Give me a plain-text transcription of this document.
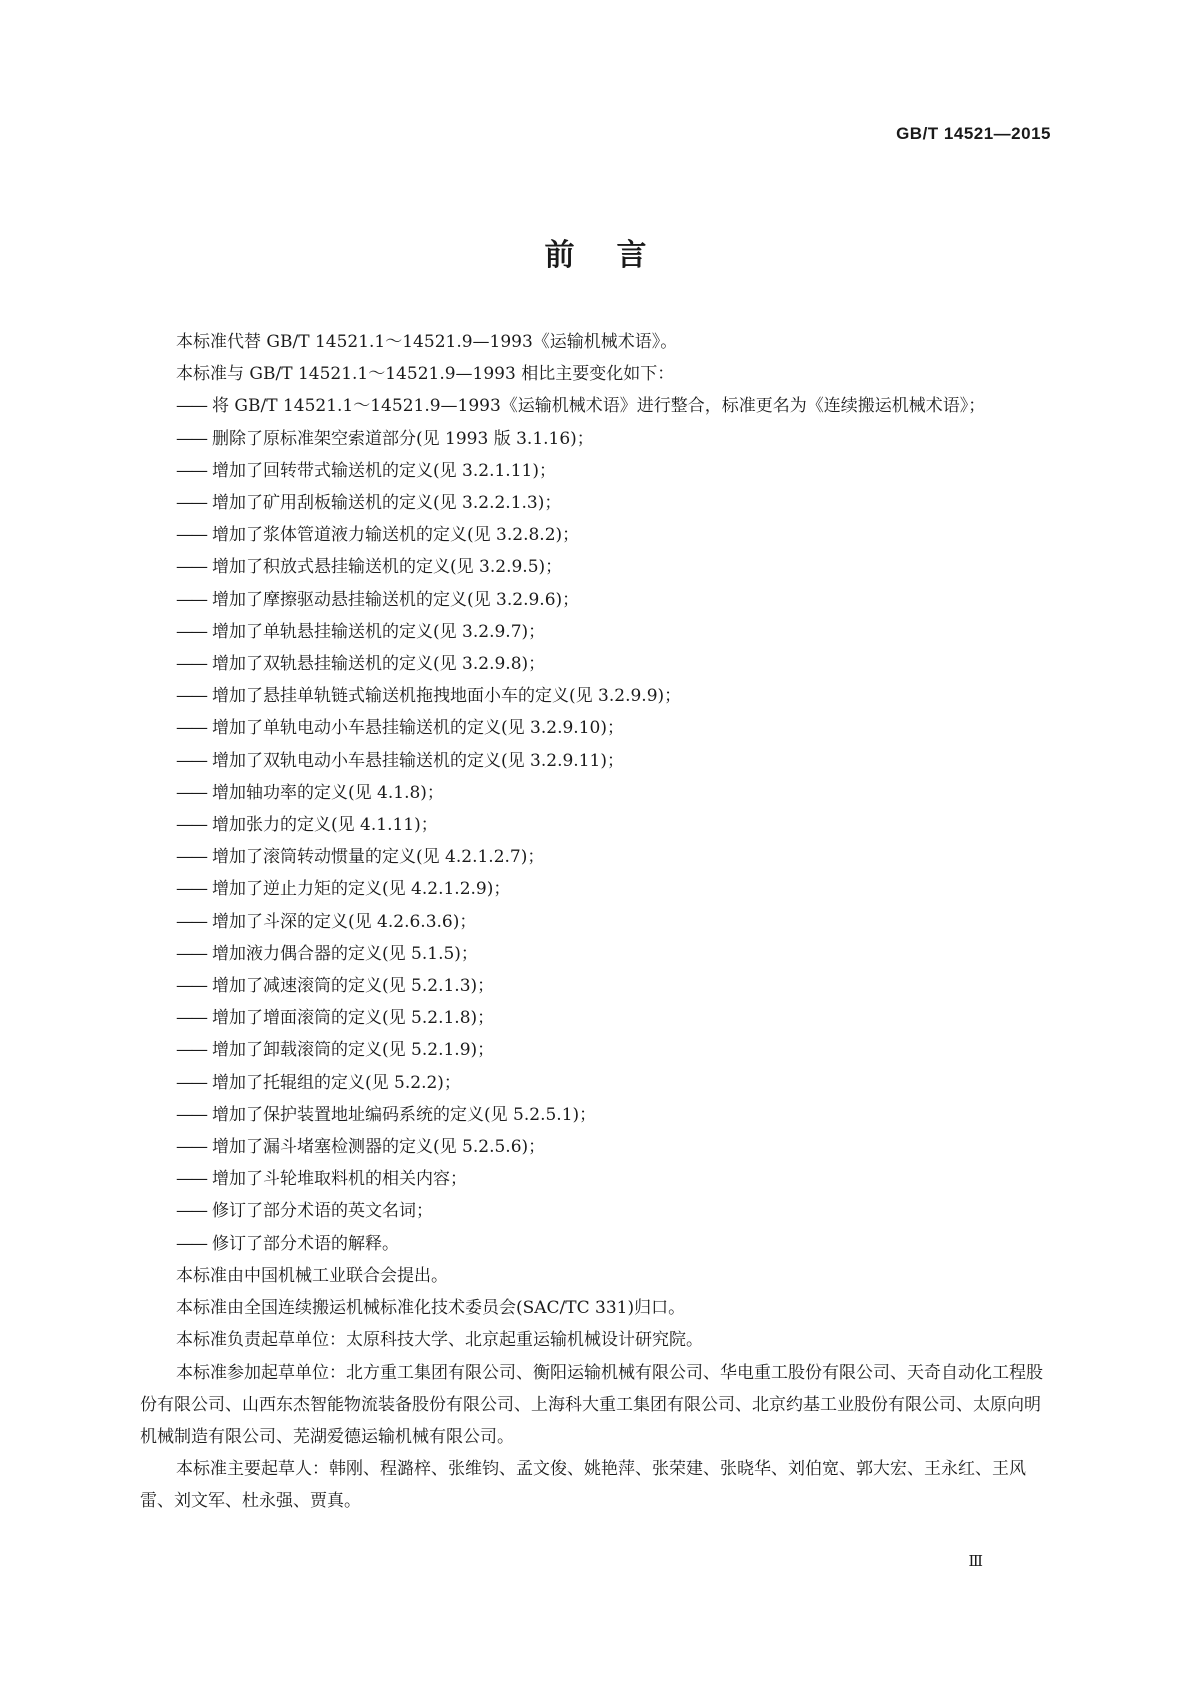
GB/T 14521—2015
前言

本标准代替 GB/T 14521.1～14521.9—1993《运输机械术语》。

本标准与 GB/T 14521.1～14521.9—1993 相比主要变化如下：

—— 将 GB/T 14521.1～14521.9—1993《运输机械术语》进行整合，标准更名为《连续搬运机械术语》；
—— 删除了原标准架空索道部分(见 1993 版 3.1.16)；
—— 增加了回转带式输送机的定义(见 3.2.1.11)；
—— 增加了矿用刮板输送机的定义(见 3.2.2.1.3)；
—— 增加了浆体管道液力输送机的定义(见 3.2.8.2)；
—— 增加了积放式悬挂输送机的定义(见 3.2.9.5)；
—— 增加了摩擦驱动悬挂输送机的定义(见 3.2.9.6)；
—— 增加了单轨悬挂输送机的定义(见 3.2.9.7)；
—— 增加了双轨悬挂输送机的定义(见 3.2.9.8)；
—— 增加了悬挂单轨链式输送机拖拽地面小车的定义(见 3.2.9.9)；
—— 增加了单轨电动小车悬挂输送机的定义(见 3.2.9.10)；
—— 增加了双轨电动小车悬挂输送机的定义(见 3.2.9.11)；
—— 增加轴功率的定义(见 4.1.8)；
—— 增加张力的定义(见 4.1.11)；
—— 增加了滚筒转动惯量的定义(见 4.2.1.2.7)；
—— 增加了逆止力矩的定义(见 4.2.1.2.9)；
—— 增加了斗深的定义(见 4.2.6.3.6)；
—— 增加液力偶合器的定义(见 5.1.5)；
—— 增加了减速滚筒的定义(见 5.2.1.3)；
—— 增加了增面滚筒的定义(见 5.2.1.8)；
—— 增加了卸载滚筒的定义(见 5.2.1.9)；
—— 增加了托辊组的定义(见 5.2.2)；
—— 增加了保护装置地址编码系统的定义(见 5.2.5.1)；
—— 增加了漏斗堵塞检测器的定义(见 5.2.5.6)；
—— 增加了斗轮堆取料机的相关内容；
—— 修订了部分术语的英文名词；
—— 修订了部分术语的解释。

本标准由中国机械工业联合会提出。

本标准由全国连续搬运机械标准化技术委员会(SAC/TC 331)归口。

本标准负责起草单位：太原科技大学、北京起重运输机械设计研究院。

本标准参加起草单位：北方重工集团有限公司、衡阳运输机械有限公司、华电重工股份有限公司、天奇自动化工程股份有限公司、山西东杰智能物流装备股份有限公司、上海科大重工集团有限公司、北京约基工业股份有限公司、太原向明机械制造有限公司、芜湖爱德运输机械有限公司。

本标准主要起草人：韩刚、程潞梓、张维钧、孟文俊、姚艳萍、张荣建、张晓华、刘伯宽、郭大宏、王永红、王风雷、刘文军、杜永强、贾真。

Ⅲ
